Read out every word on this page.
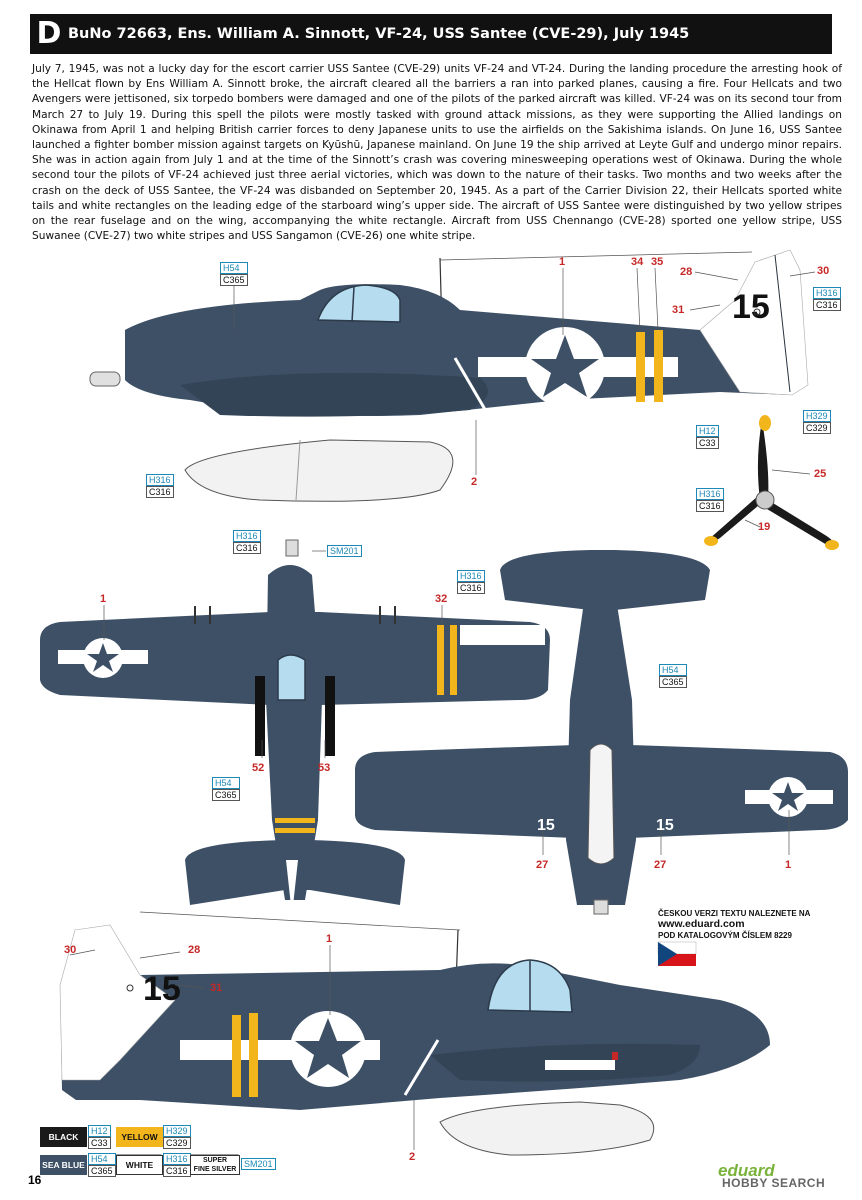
D BuNo 72663, Ens. William A. Sinnott, VF-24, USS Santee (CVE-29), July 1945

July 7, 1945, was not a lucky day for the escort carrier USS Santee (CVE-29) units VF-24 and VT-24. During the landing procedure the arresting hook of the Hellcat flown by Ens William A. Sinnott broke, the aircraft cleared all the barriers a ran into parked planes, causing a fire. Four Hellcats and two Avengers were jettisoned, six torpedo bombers were damaged and one of the pilots of the parked aircraft was killed. VF-24 was on its second tour from March 27 to July 19. During this spell the pilots were mostly tasked with ground attack missions, as they were supporting the Allied landings on Okinawa from April 1 and helping British carrier forces to deny Japanese units to use the airfields on the Sakishima islands. On June 16, USS Santee launched a fighter bomber mission against targets on Kyūshū, Japanese mainland. On June 19 the ship arrived at Leyte Gulf and undergo minor repairs. She was in action again from July 1 and at the time of the Sinnott’s crash was covering minesweeping operations west of Okinawa. During the whole second tour the pilots of VF-24 achieved just three aerial victories, which was down to the nature of their tasks. Two months and two weeks after the crash on the deck of USS Santee, the VF-24 was disbanded on September 20, 1945. As a part of the Carrier Division 22, their Hellcats sported white tails and white rectangles on the leading edge of the starboard wing’s upper side. The aircraft of USS Santee were distinguished by two yellow stripes on the rear fuselage and on the wing, accompanying the white rectangle. Aircraft from USS Chennango (CVE-28) sported one yellow stripe, USS Suwanee (CVE-27) two white stripes and USS Sangamon (CVE-26) one white stripe.

15
15	15
15
1	34 35
28	30
31
2
25
19
1	32
52	53
27	27	1
1
30	28
31
2
H54
C365
H316
C316
H316
C316
H329
C329
H12
C33
H316
C316
H316
C316	SM201
H316
C316
H54
C365
H54
C365
ČESKOU VERZI TEXTU NALEZNETE NA
www.eduard.com
POD KATALOGOVÝM ČÍSLEM 8229
BLACK
H12
C33
YELLOW
H329
C329
SEA BLUE
H54
C365
WHITE
H316
C316
SUPER
FINE SILVER
SM201
16	eduard
HOBBY SEARCH
